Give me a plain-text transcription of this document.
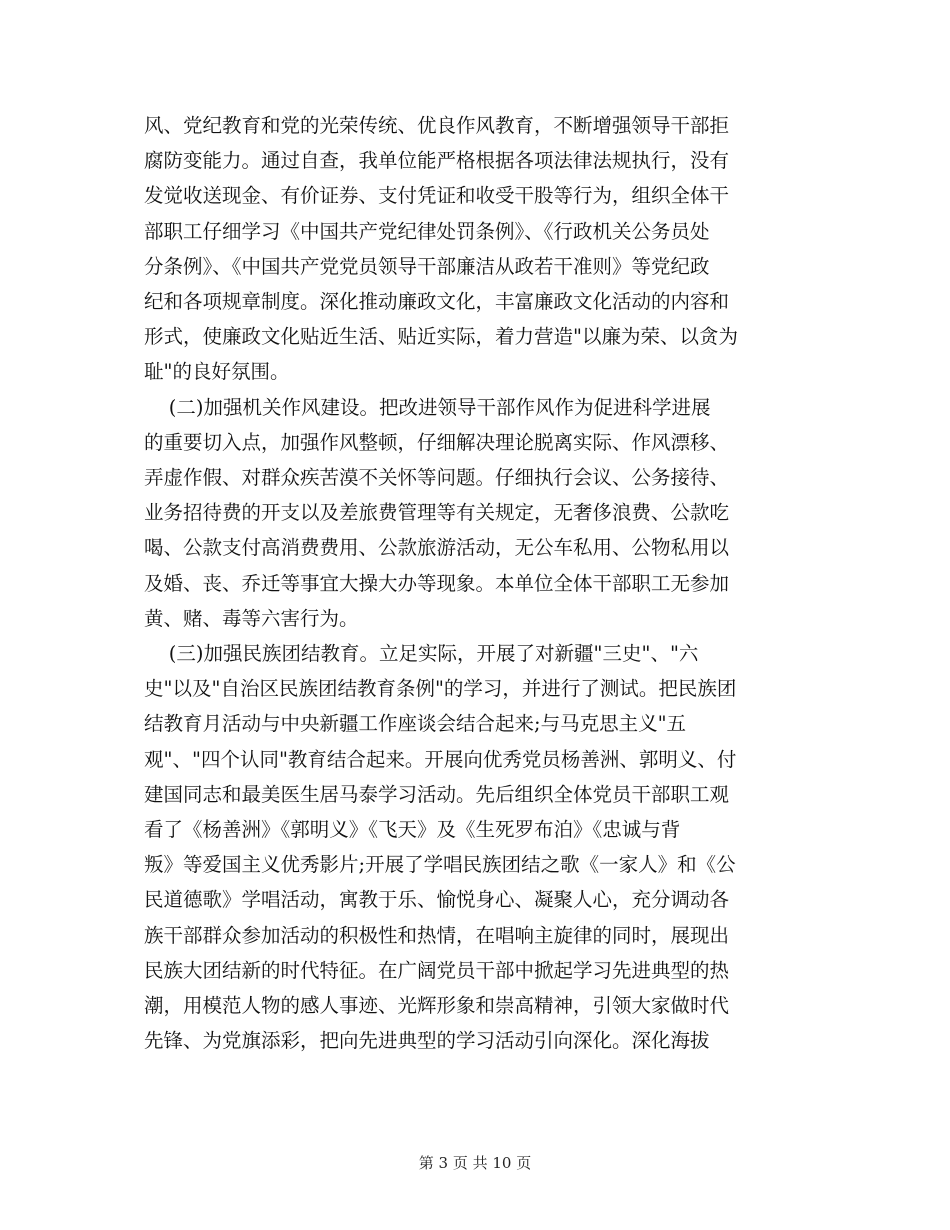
风、党纪教育和党的光荣传统、优良作风教育，不断增强领导干部拒
腐防变能力。通过自查，我单位能严格根据各项法律法规执行，没有
发觉收送现金、有价证券、支付凭证和收受干股等行为，组织全体干
部职工仔细学习《中国共产党纪律处罚条例》、《行政机关公务员处
分条例》、《中国共产党党员领导干部廉洁从政若干准则》等党纪政
纪和各项规章制度。深化推动廉政文化，丰富廉政文化活动的内容和
形式，使廉政文化贴近生活、贴近实际，着力营造"以廉为荣、以贪为
耻"的良好氛围。

(二)加强机关作风建设。把改进领导干部作风作为促进科学进展
的重要切入点，加强作风整顿，仔细解决理论脱离实际、作风漂移、
弄虚作假、对群众疾苦漠不关怀等问题。仔细执行会议、公务接待、
业务招待费的开支以及差旅费管理等有关规定，无奢侈浪费、公款吃
喝、公款支付高消费费用、公款旅游活动，无公车私用、公物私用以
及婚、丧、乔迁等事宜大操大办等现象。本单位全体干部职工无参加
黄、赌、毒等六害行为。

(三)加强民族团结教育。立足实际，开展了对新疆"三史"、"六
史"以及"自治区民族团结教育条例"的学习，并进行了测试。把民族团
结教育月活动与中央新疆工作座谈会结合起来;与马克思主义"五
观"、"四个认同"教育结合起来。开展向优秀党员杨善洲、郭明义、付
建国同志和最美医生居马泰学习活动。先后组织全体党员干部职工观
看了《杨善洲》《郭明义》《飞天》及《生死罗布泊》《忠诚与背
叛》等爱国主义优秀影片;开展了学唱民族团结之歌《一家人》和《公
民道德歌》学唱活动，寓教于乐、愉悦身心、凝聚人心，充分调动各
族干部群众参加活动的积极性和热情，在唱响主旋律的同时，展现出
民族大团结新的时代特征。在广阔党员干部中掀起学习先进典型的热
潮，用模范人物的感人事迹、光辉形象和崇高精神，引领大家做时代
先锋、为党旗添彩，把向先进典型的学习活动引向深化。深化海拔

第 3 页 共 10 页
